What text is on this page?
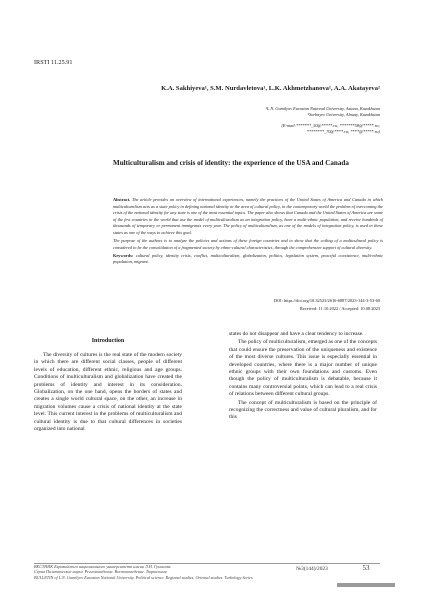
IRSTI 11.25.91
K.A. Sakhiyeva¹, S.M. Nurdavletova¹, L.K. Akhmetzhanova¹, A.A. Akatayeva²
¹L.N. Gumilyov Eurasian National University, Astana, Kazakhstan
²Sorbayev University, Almaty, Kazakhstan
(E-mail:*******_50@*****.ru; *******58@*****.ru;
********_70@****.ru; ****@*****.ru)
Multiculturalism and crisis of identity: the experience of the USA and Canada

Abstract. The article provides an overview of international experiences, namely the practices of the United States of America and Canada in which multiculturalism acts as a state policy in defining national identity in the area of cultural policy, in the contemporary world the problem of overcoming the crisis of the national identity for any state is one of the most essential topics. The paper also shows that Canada and the United States of America are some of the few countries in the world that use the model of multiculturalism as an integration policy, have a multi-ethnic population, and receive hundreds of thousands of temporary or permanent immigrants every year. The policy of multiculturalism, as one of the models of integration policy, is used in these states as one of the ways to achieve this goal.

The purpose of the authors is to analyze the policies and actions of these foreign countries and to show that the coiling of a multicultural policy is considered to be the consolidation of a fragmented society by ethno-cultural characteristics, through the comprehensive support of cultural diversity.

Keywords: cultural policy, identity crisis, conflict, multiculturalism, globalization, politics, legislation system, peaceful coexistence, multi-ethnic population, migrant.

DOI: https://doi.org/10.32523/2616-6887/2023-144-3-53-60
Received: 11.10.2022 / Accepted: 10.08.2023
Introduction

The diversity of cultures is the real state of the modern society in which there are different social classes, people of different levels of education, different ethnic, religious and age groups. Conditions of multiculturalism and globalization have created the problems of identity and interest in its consideration. Globalization, on the one hand, opens the borders of states and creates a single world cultural space, on the other, an increase in migration volumes cause a crisis of national identity at the state level. This current interest in the problems of multiculturalism and cultural identity is due to that cultural differences in societies organized into national

states do not disappear and have a clear tendency to increase.

The policy of multiculturalism, emerged as one of the concepts that could ensure the preservation of the uniqueness and existence of the most diverse cultures. This issue is especially essential in developed countries, where there is a major number of unique ethnic groups with their own foundations and customs. Even though the policy of multiculturalism is debatable, because it contains many controversial points, which can lead to a real crisis of relations between different cultural groups.

The concept of multiculturalism is based on the principle of recognizing the correctness and value of cultural pluralism, and for this

ВЕСТНИК Евразийского национального университета имени Л.Н. Гумилева.
Серия Политические науки. Регионоведение. Востоковедение. Тюркология
BULLETIN of L.N. Gumilyov Eurasian National University. Political science. Regional studies. Oriental studies. Turkology Series
№3(144)/2023	53
